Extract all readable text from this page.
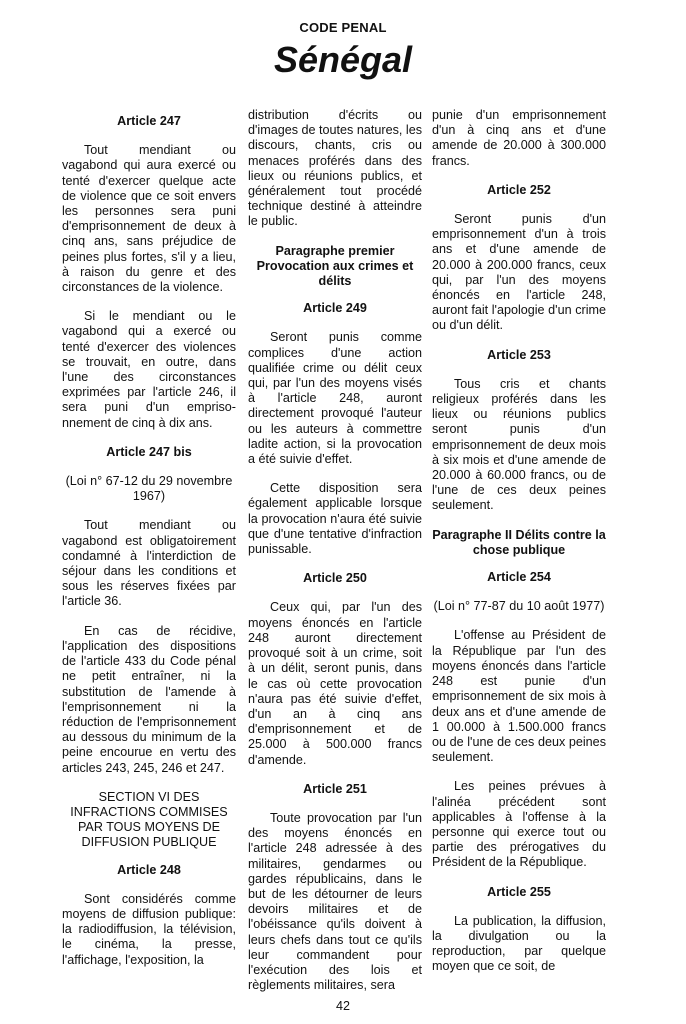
CODE PENAL
Sénégal
Article 247

Tout mendiant ou vagabond qui aura exercé ou tenté d'exercer quelque acte de violence que ce soit envers les personnes sera puni d'emprisonnement de deux à cinq ans, sans préjudice de peines plus fortes, s'il y a lieu, à raison du genre et des circonstances de la violence.

Si le mendiant ou le vagabond qui a exercé ou tenté d'exercer des violences se trouvait, en outre, dans l'une des circonstances exprimées par l'article 246, il sera puni d'un emprisonnement de cinq à dix ans.

Article 247 bis
(Loi n° 67-12 du 29 novembre 1967)

Tout mendiant ou vagabond est obligatoirement condamné à l'interdiction de séjour dans les conditions et sous les réserves fixées par l'article 36.

En cas de récidive, l'application des dispositions de l'article 433 du Code pénal ne petit entraîner, ni la substitution de l'amende à l'emprisonnement ni la réduction de l'emprisonnement au dessous du minimum de la peine encourue en vertu des articles 243, 245, 246 et 247.

SECTION VI DES INFRACTIONS COMMISES PAR TOUS MOYENS DE DIFFUSION PUBLIQUE
Article 248

Sont considérés comme moyens de diffusion publique: la radiodiffusion, la télévision, le cinéma, la presse, l'affichage, l'exposition, la

distribution d'écrits ou d'images de toutes natures, les discours, chants, cris ou menaces proférés dans des lieux ou réunions publics, et généralement tout procédé technique destiné à atteindre le public.

Paragraphe premier Provocation aux crimes et délits
Article 249

Seront punis comme complices d'une action qualifiée crime ou délit ceux qui, par l'un des moyens visés à l'article 248, auront directement provoqué l'auteur ou les auteurs à commettre ladite action, si la provocation a été suivie d'effet.

Cette disposition sera également applicable lorsque la provocation n'aura été suivie que d'une tentative d'infraction punissable.

Article 250

Ceux qui, par l'un des moyens énoncés en l'article 248 auront directement provoqué soit à un crime, soit à un délit, seront punis, dans le cas où cette provocation n'aura pas été suivie d'effet, d'un an à cinq ans d'emprisonnement et de 25.000 à 500.000 francs d'amende.

Article 251

Toute provocation par l'un des moyens énoncés en l'article 248 adressée à des militaires, gendarmes ou gardes républicains, dans le but de les détourner de leurs devoirs militaires et de l'obéissance qu'ils doivent à leurs chefs dans tout ce qu'ils leur commandent pour l'exécution des lois et règlements militaires, sera

punie d'un emprisonnement d'un à cinq ans et d'une amende de 20.000 à 300.000 francs.

Article 252

Seront punis d'un emprisonnement d'un à trois ans et d'une amende de 20.000 à 200.000 francs, ceux qui, par l'un des moyens énoncés en l'article 248, auront fait l'apologie d'un crime ou d'un délit.

Article 253

Tous cris et chants religieux proférés dans les lieux ou réunions publics seront punis d'un emprisonnement de deux mois à six mois et d'une amende de 20.000 à 60.000 francs, ou de l'une de ces deux peines seulement.

Paragraphe II Délits contre la chose publique
Article 254
(Loi n° 77-87 du 10 août 1977)

L'offense au Président de la République par l'un des moyens énoncés dans l'article 248 est punie d'un emprisonnement de six mois à deux ans et d'une amende de 1 00.000 à 1.500.000 francs ou de l'une de ces deux peines seulement.

Les peines prévues à l'alinéa précédent sont applicables à l'offense à la personne qui exerce tout ou partie des prérogatives du Président de la République.

Article 255

La publication, la diffusion, la divulgation ou la reproduction, par quelque moyen que ce soit, de

42
